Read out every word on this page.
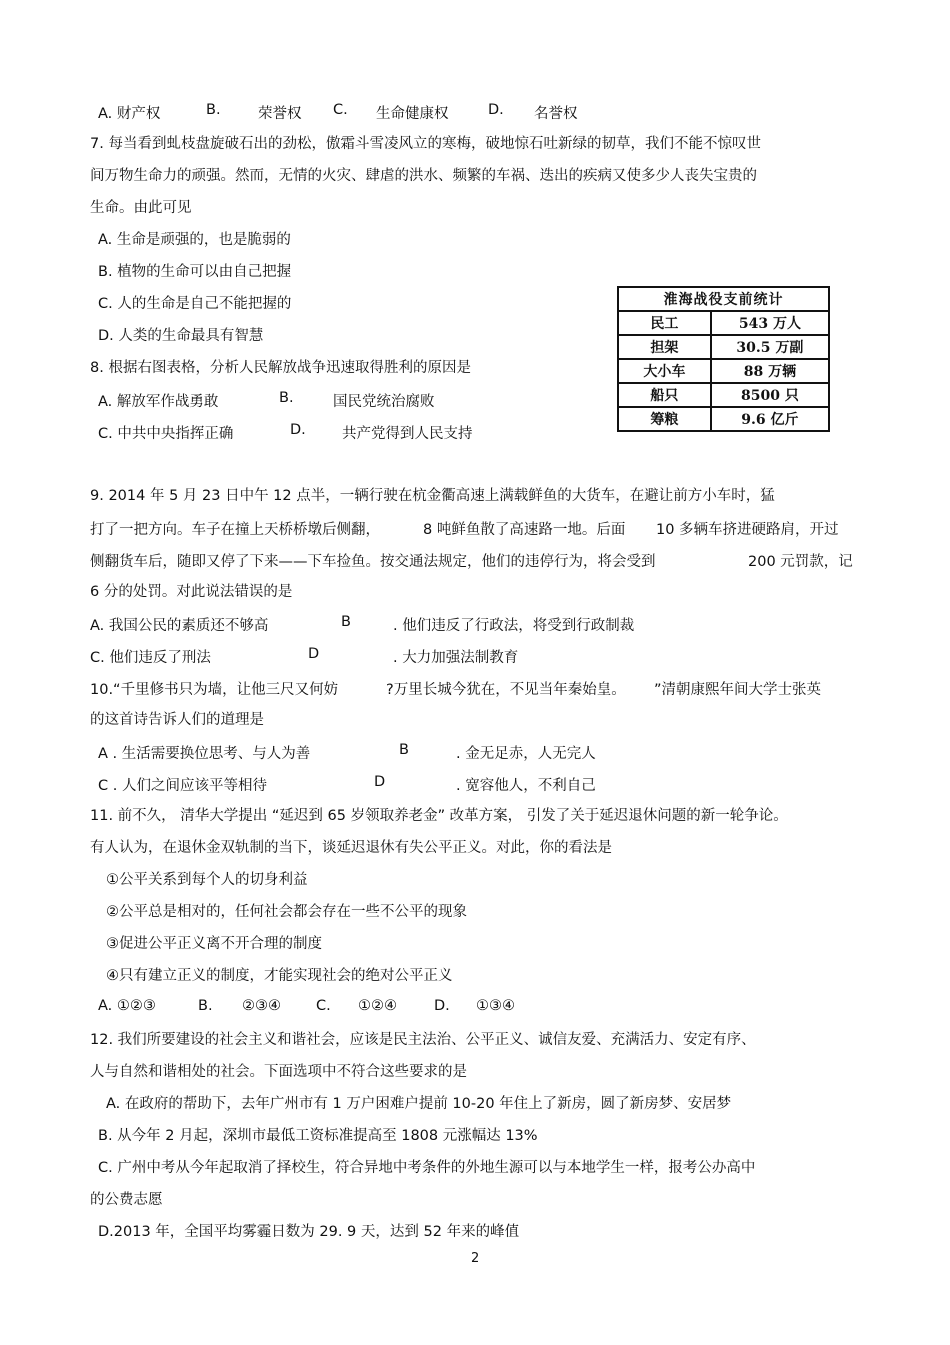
A. 财产权	B.	荣誉权 C. 生命健康权	D. 名誉权
7. 每当看到虬枝盘旋破石出的劲松，傲霜斗雪凌风立的寒梅，破地惊石吐新绿的韧草，我们不能不惊叹世
间万物生命力的顽强。然而，无情的火灾、肆虐的洪水、频繁的车祸、迭出的疾病又使多少人丧失宝贵的
生命。由此可见
A. 生命是顽强的，也是脆弱的
B. 植物的生命可以由自己把握
C. 人的生命是自己不能把握的
D. 人类的生命最具有智慧
8. 根据右图表格，分析人民解放战争迅速取得胜利的原因是
A. 解放军作战勇敢	B.	国民党统治腐败
C. 中共中央指挥正确	D. 共产党得到人民支持
淮海战役支前统计	
民工	543 万人
担架	30.5 万副
大小车	88 万辆
船只	8500 只
筹粮	9.6 亿斤
9. 2014 年 5 月 23 日中午 12 点半，一辆行驶在杭金衢高速上满载鲜鱼的大货车，在避让前方小车时，猛
打了一把方向。车子在撞上天桥桥墩后侧翻，	8 吨鲜鱼散了高速路一地。后面 10 多辆车挤进硬路肩，开过
侧翻货车后，随即又停了下来——下车捡鱼。按交通法规定，他们的违停行为，将会受到	200 元罚款，记
6 分的处罚。对此说法错误的是
A. 我国公民的素质还不够高	B	. 他们违反了行政法，将受到行政制裁
C. 他们违反了刑法	D	. 大力加强法制教育
10.“千里修书只为墙，让他三尺又何妨	?万里长城今犹在，不见当年秦始皇。 ”清朝康熙年间大学士张英
的这首诗告诉人们的道理是
A . 生活需要换位思考、与人为善	B	. 金无足赤，人无完人
C . 人们之间应该平等相待	D	. 宽容他人，不利自己
11. 前不久， 清华大学提出 “延迟到 65 岁领取养老金” 改革方案， 引发了关于延迟退休问题的新一轮争论。
有人认为，在退休金双轨制的当下，谈延迟退休有失公平正义。对此，你的看法是
①公平关系到每个人的切身利益
②公平总是相对的，任何社会都会存在一些不公平的现象
③促进公平正义离不开合理的制度
④只有建立正义的制度，才能实现社会的绝对公平正义
A. ①②③	B. ②③④ C. ①②④	D. ①③④
12. 我们所要建设的社会主义和谐社会，应该是民主法治、公平正义、诚信友爱、充满活力、安定有序、
人与自然和谐相处的社会。下面选项中不符合这些要求的是
A. 在政府的帮助下，去年广州市有 1 万户困难户提前 10-20 年住上了新房，圆了新房梦、安居梦
B. 从今年 2 月起，深圳市最低工资标准提高至 1808 元涨幅达 13%
C. 广州中考从今年起取消了择校生，符合异地中考条件的外地生源可以与本地学生一样，报考公办高中
的公费志愿
D.2013 年，全国平均雾霾日数为 29. 9 天，达到 52 年来的峰值
2
